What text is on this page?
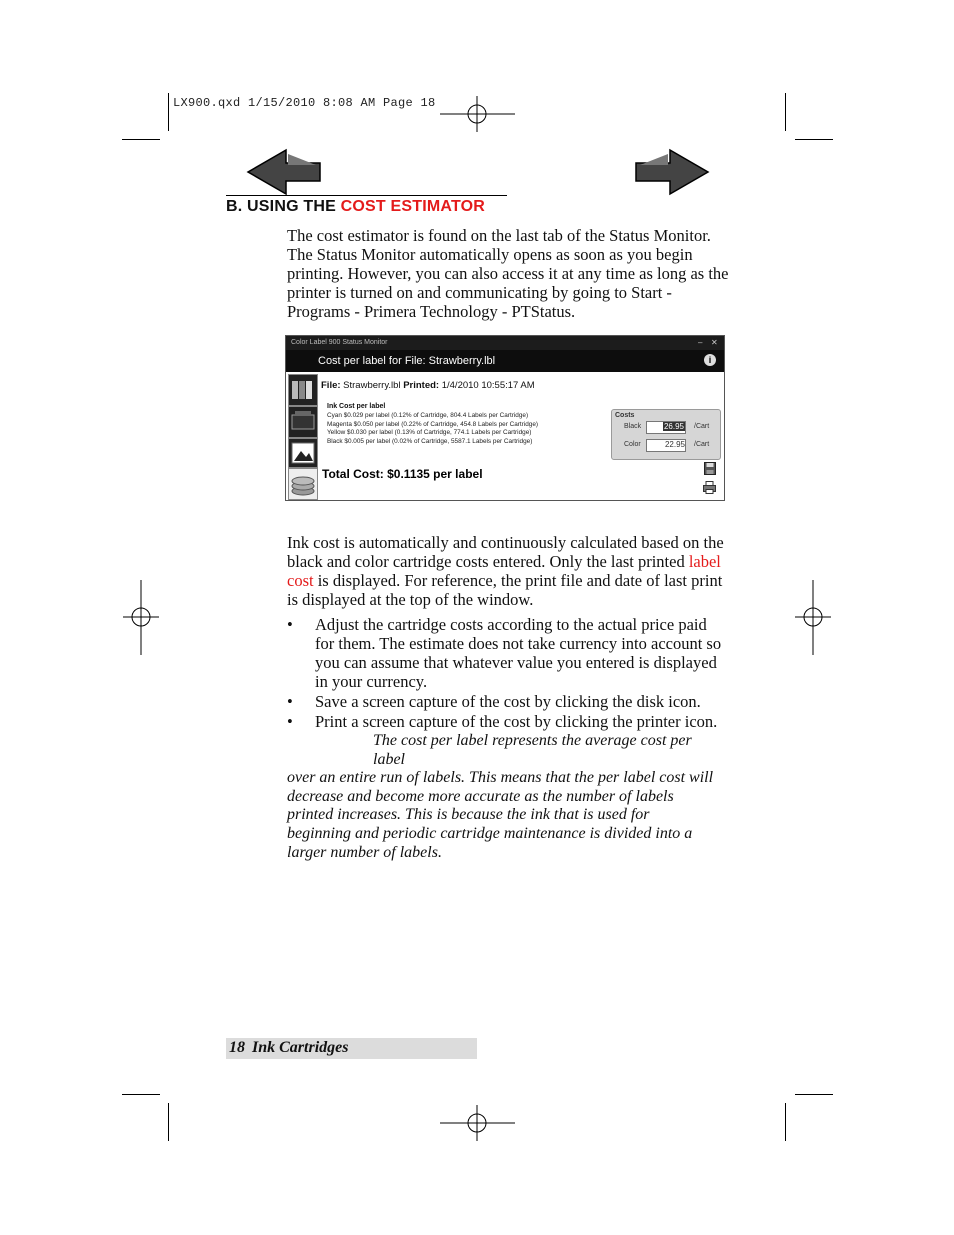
LX900.qxd 1/15/2010 8:08 AM Page 18
B. USING THE COST ESTIMATOR
The cost estimator is found on the last tab of the Status Monitor. The Status Monitor automatically opens as soon as you begin printing. However, you can also access it at any time as long as the printer is turned on and communicating by going to Start - Programs - Primera Technology - PTStatus.
Color Label 900 Status Monitor	– ✕
Cost per label for File: Strawberry.lbl	i
File: Strawberry.lbl Printed: 1/4/2010 10:55:17 AM
Ink Cost per label
Cyan $0.029 per label (0.12% of Cartridge, 804.4 Labels per Cartridge)
Magenta $0.050 per label (0.22% of Cartridge, 454.8 Labels per Cartridge)
Yellow $0.030 per label (0.13% of Cartridge, 774.1 Labels per Cartridge)
Black $0.005 per label (0.02% of Cartridge, 5587.1 Labels per Cartridge)
Costs
Black	26.95 /Cart
Color	22.95 /Cart
Total Cost: $0.1135 per label
Ink cost is automatically and continuously calculated based on the black and color cartridge costs entered. Only the last printed label cost is displayed. For reference, the print file and date of last print is displayed at the top of the window.
• Adjust the cartridge costs according to the actual price paid for them. The estimate does not take currency into account so you can assume that whatever value you entered is displayed in your currency.
• Save a screen capture of the cost by clicking the disk icon.
• Print a screen capture of the cost by clicking the printer icon.
The cost per label represents the average cost per label
over an entire run of labels. This means that the per label cost will decrease and become more accurate as the number of labels printed increases. This is because the ink that is used for beginning and periodic cartridge maintenance is divided into a larger number of labels.
18 Ink Cartridges
